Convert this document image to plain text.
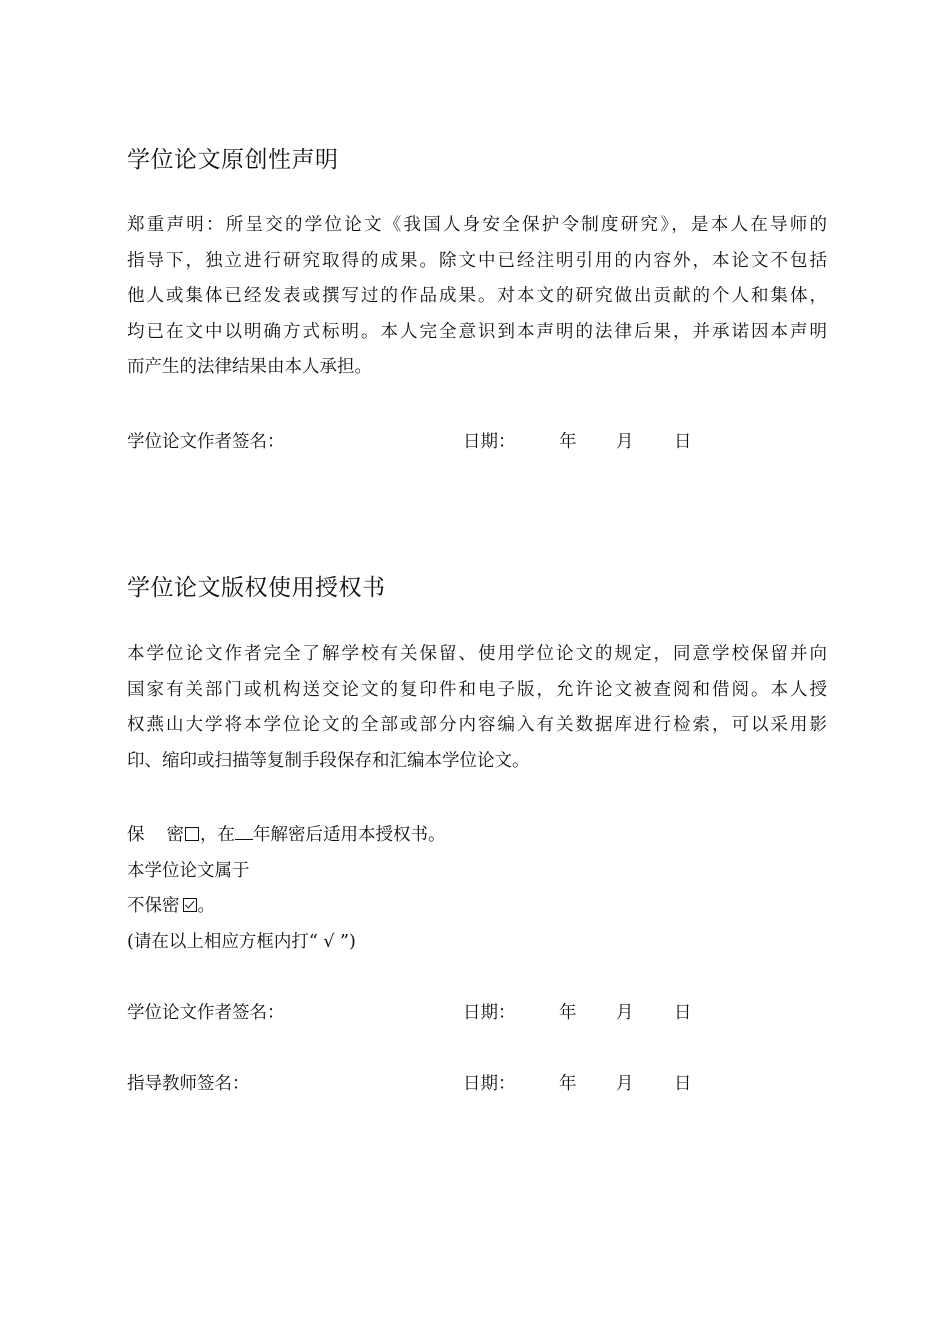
学位论文原创性声明
郑重声明：所呈交的学位论文《我国人身安全保护令制度研究》，是本人在导师的
指导下，独立进行研究取得的成果。除文中已经注明引用的内容外，本论文不包括
他人或集体已经发表或撰写过的作品成果。对本文的研究做出贡献的个人和集体，
均已在文中以明确方式标明。本人完全意识到本声明的法律后果，并承诺因本声明
而产生的法律结果由本人承担。
学位论文作者签名：	日期： 年 月 日
学位论文版权使用授权书
本学位论文作者完全了解学校有关保留、使用学位论文的规定，同意学校保留并向
国家有关部门或机构送交论文的复印件和电子版，允许论文被查阅和借阅。本人授
权燕山大学将本学位论文的全部或部分内容编入有关数据库进行检索，可以采用影
印、缩印或扫描等复制手段保存和汇编本学位论文。
保 密 ，在 年解密后适用本授权书。
本学位论文属于
不保密 。
(请在以上相应方框内打“ √ ”)
学位论文作者签名：	日期： 年 月 日
指导教师签名：	日期： 年 月 日
